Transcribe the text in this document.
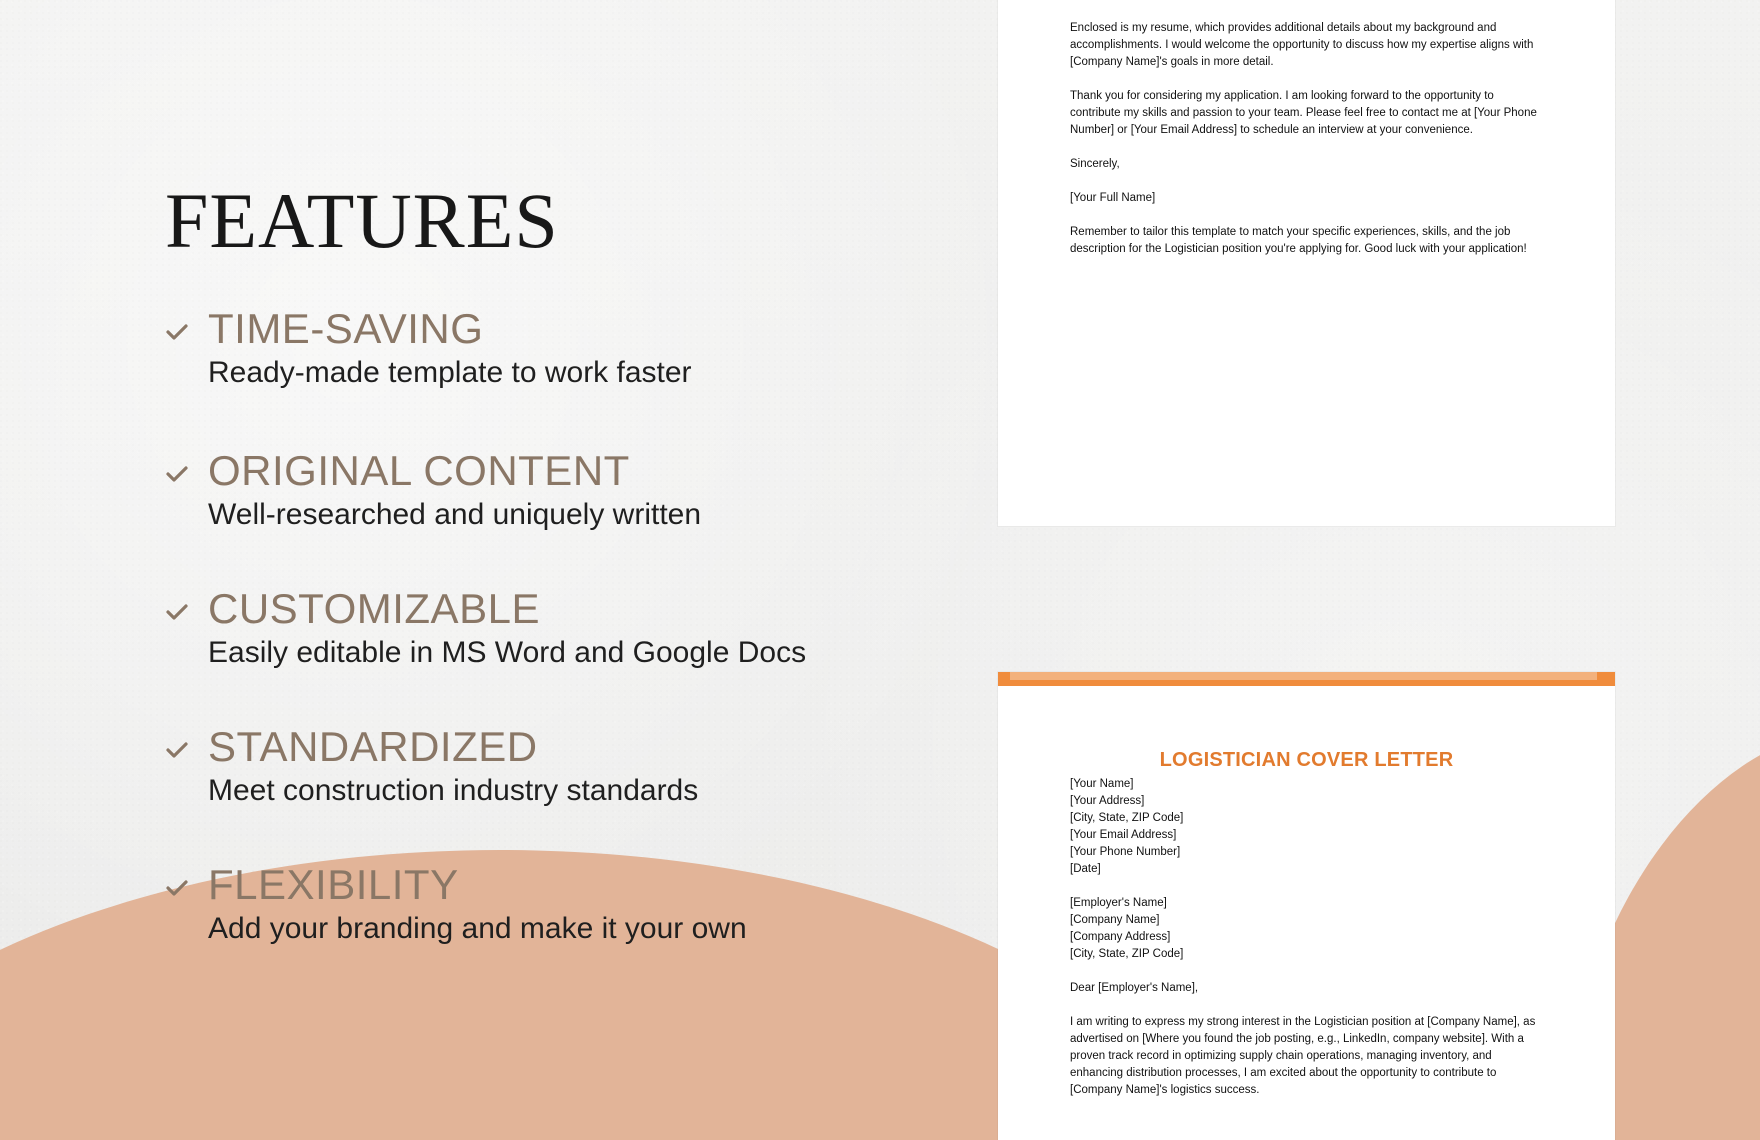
FEATURES
TIME-SAVING
Ready-made template to work faster
ORIGINAL CONTENT
Well-researched and uniquely written
CUSTOMIZABLE
Easily editable in MS Word and Google Docs
STANDARDIZED
Meet construction industry standards
FLEXIBILITY
Add your branding and make it your own

Enclosed is my resume, which provides additional details about my background and accomplishments. I would welcome the opportunity to discuss how my expertise aligns with [Company Name]'s goals in more detail.

Thank you for considering my application. I am looking forward to the opportunity to contribute my skills and passion to your team. Please feel free to contact me at [Your Phone Number] or [Your Email Address] to schedule an interview at your convenience.

Sincerely,

[Your Full Name]

Remember to tailor this template to match your specific experiences, skills, and the job description for the Logistician position you're applying for. Good luck with your application!

LOGISTICIAN COVER LETTER
[Your Name]
[Your Address]
[City, State, ZIP Code]
[Your Email Address]
[Your Phone Number]
[Date]
[Employer's Name]
[Company Name]
[Company Address]
[City, State, ZIP Code]

Dear [Employer's Name],

I am writing to express my strong interest in the Logistician position at [Company Name], as advertised on [Where you found the job posting, e.g., LinkedIn, company website]. With a proven track record in optimizing supply chain operations, managing inventory, and enhancing distribution processes, I am excited about the opportunity to contribute to [Company Name]'s logistics success.
